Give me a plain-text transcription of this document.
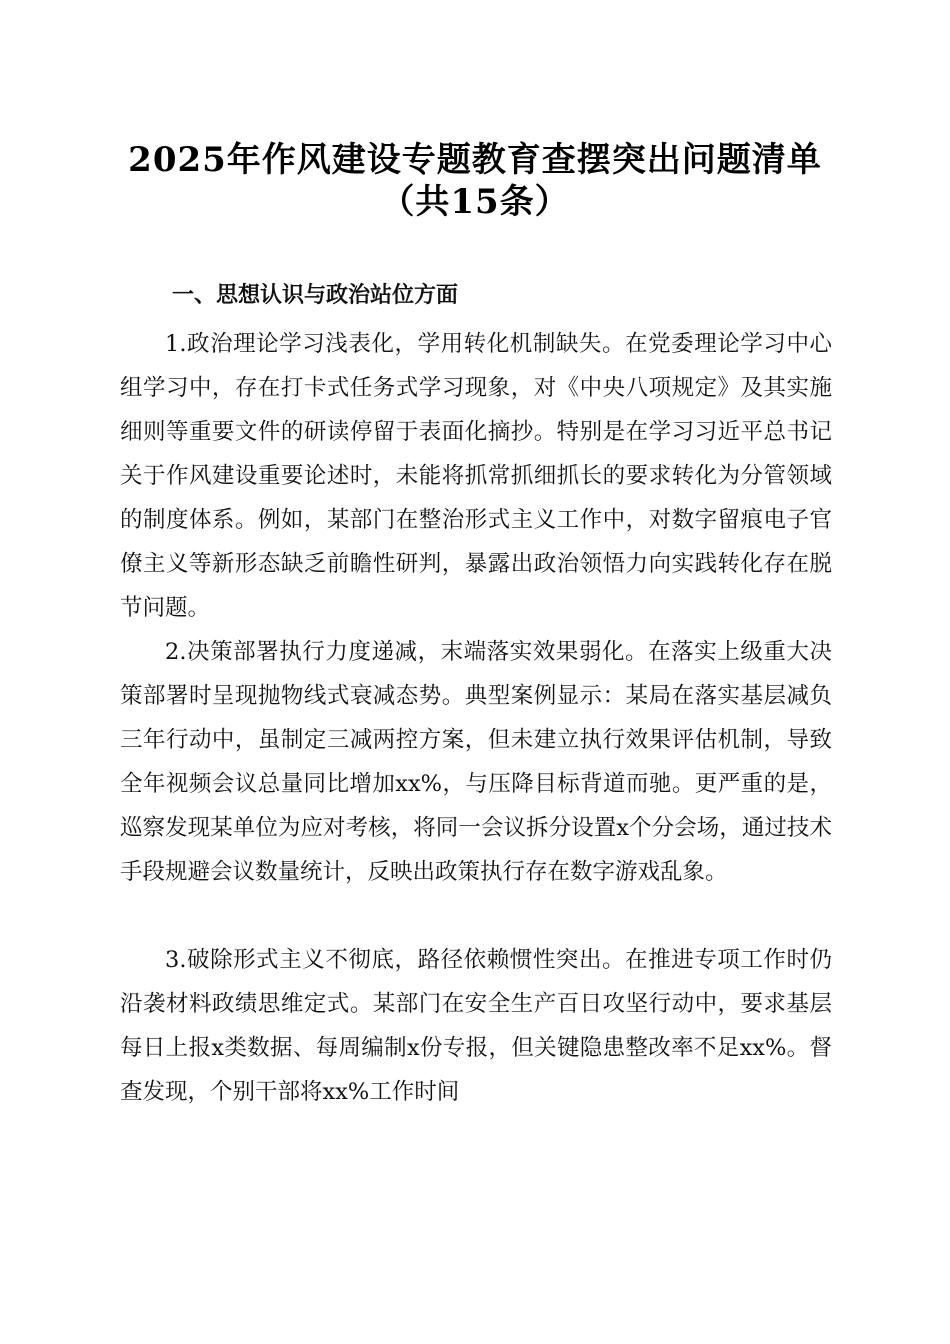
2025年作风建设专题教育查摆突出问题清单
（共15条）
一、思想认识与政治站位方面

1.政治理论学习浅表化，学用转化机制缺失。在党委理论学习中心组学习中，存在打卡式任务式学习现象，对《中央八项规定》及其实施细则等重要文件的研读停留于表面化摘抄。特别是在学习习近平总书记关于作风建设重要论述时，未能将抓常抓细抓长的要求转化为分管领域的制度体系。例如，某部门在整治形式主义工作中，对数字留痕电子官僚主义等新形态缺乏前瞻性研判，暴露出政治领悟力向实践转化存在脱节问题。

2.决策部署执行力度递减，末端落实效果弱化。在落实上级重大决策部署时呈现抛物线式衰减态势。典型案例显示：某局在落实基层减负三年行动中，虽制定三减两控方案，但未建立执行效果评估机制，导致全年视频会议总量同比增加xx%，与压降目标背道而驰。更严重的是，巡察发现某单位为应对考核，将同一会议拆分设置x个分会场，通过技术手段规避会议数量统计，反映出政策执行存在数字游戏乱象。

3.破除形式主义不彻底，路径依赖惯性突出。在推进专项工作时仍沿袭材料政绩思维定式。某部门在安全生产百日攻坚行动中，要求基层每日上报x类数据、每周编制x份专报，但关键隐患整改率不足xx%。督查发现，个别干部将xx%工作时间
